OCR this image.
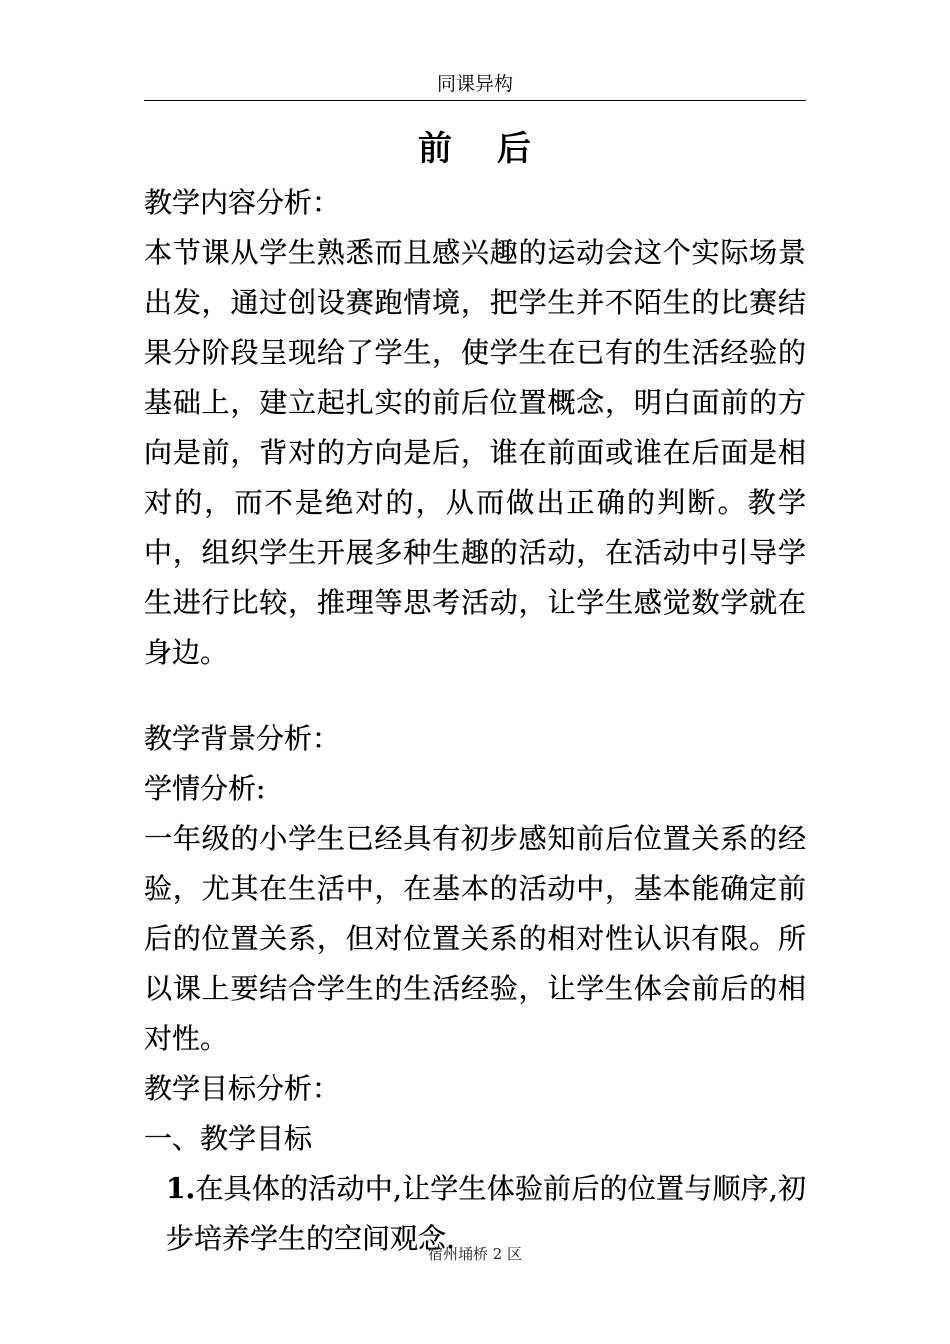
同课异构
前 后
教学内容分析：
本节课从学生熟悉而且感兴趣的运动会这个实际场景出发，通过创设赛跑情境，把学生并不陌生的比赛结果分阶段呈现给了学生，使学生在已有的生活经验的基础上，建立起扎实的前后位置概念，明白面前的方向是前，背对的方向是后，谁在前面或谁在后面是相对的，而不是绝对的，从而做出正确的判断。教学中，组织学生开展多种生趣的活动，在活动中引导学生进行比较，推理等思考活动，让学生感觉数学就在身边。
教学背景分析：
学情分析:
一年级的小学生已经具有初步感知前后位置关系的经验，尤其在生活中，在基本的活动中，基本能确定前后的位置关系，但对位置关系的相对性认识有限。所以课上要结合学生的生活经验，让学生体会前后的相对性。
教学目标分析：
一、教学目标
1.在具体的活动中,让学生体验前后的位置与顺序,初步培养学生的空间观念.
宿州埇桥 2 区
